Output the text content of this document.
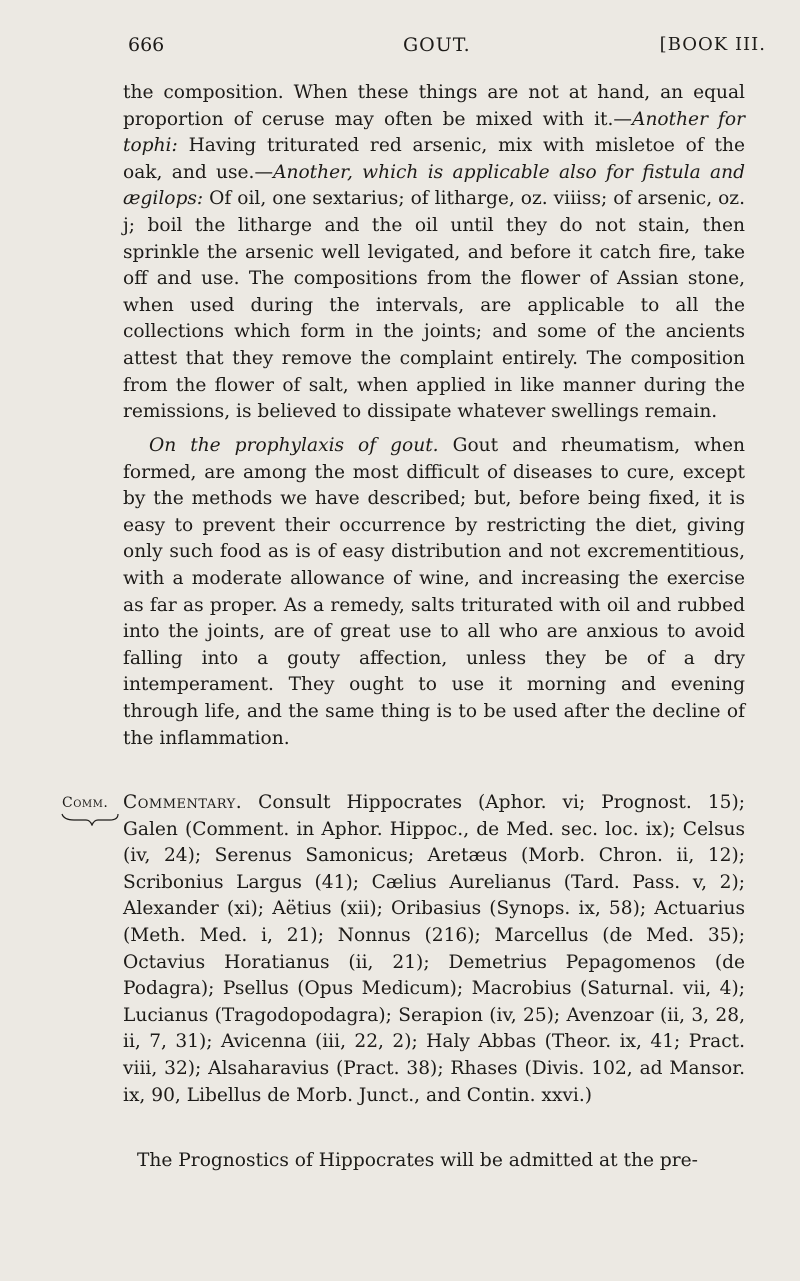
666	GOUT.	[BOOK III.

the composition. When these things are not at hand, an equal proportion of ceruse may often be mixed with it.—Another for tophi: Having triturated red arsenic, mix with misletoe of the oak, and use.—Another, which is applicable also for fistula and ægilops: Of oil, one sextarius; of litharge, oz. viiiss; of arsenic, oz. j; boil the litharge and the oil until they do not stain, then sprinkle the arsenic well levigated, and before it catch fire, take off and use. The compositions from the flower of Assian stone, when used during the intervals, are applicable to all the collections which form in the joints; and some of the ancients attest that they remove the complaint entirely. The composition from the flower of salt, when applied in like manner during the remissions, is believed to dissipate whatever swellings remain.

On the prophylaxis of gout. Gout and rheumatism, when formed, are among the most difficult of diseases to cure, except by the methods we have described; but, before being fixed, it is easy to prevent their occurrence by restricting the diet, giving only such food as is of easy distribution and not excrementitious, with a moderate allowance of wine, and increasing the exercise as far as proper. As a remedy, salts triturated with oil and rubbed into the joints, are of great use to all who are anxious to avoid falling into a gouty affection, unless they be of a dry intemperament. They ought to use it morning and evening through life, and the same thing is to be used after the decline of the inflammation.

Comm. Commentary. Consult Hippocrates (Aphor. vi; Prognost. 15); Galen (Comment. in Aphor. Hippoc., de Med. sec. loc. ix); Celsus (iv, 24); Serenus Samonicus; Aretæus (Morb. Chron. ii, 12); Scribonius Largus (41); Cælius Aurelianus (Tard. Pass. v, 2); Alexander (xi); Aëtius (xii); Oribasius (Synops. ix, 58); Actuarius (Meth. Med. i, 21); Nonnus (216); Marcellus (de Med. 35); Octavius Horatianus (ii, 21); Demetrius Pepagomenos (de Podagra); Psellus (Opus Medicum); Macrobius (Saturnal. vii, 4); Lucianus (Tragodopodagra); Serapion (iv, 25); Avenzoar (ii, 3, 28, ii, 7, 31); Avicenna (iii, 22, 2); Haly Abbas (Theor. ix, 41; Pract. viii, 32); Alsaharavius (Pract. 38); Rhases (Divis. 102, ad Mansor. ix, 90, Libellus de Morb. Junct., and Contin. xxvi.)

The Prognostics of Hippocrates will be admitted at the pre-
